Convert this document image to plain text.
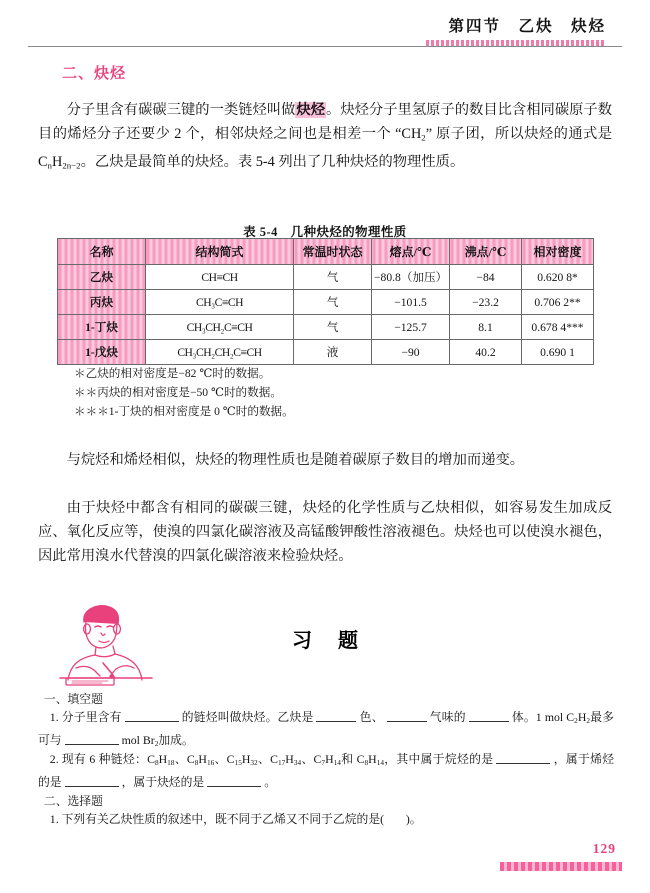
第四节　乙炔　炔烃
二、炔烃

分子里含有碳碳三键的一类链烃叫做炔烃。炔烃分子里氢原子的数目比含相同碳原子数目的烯烃分子还要少 2 个，相邻炔烃之间也是相差一个 “$CH_2$” 原子团，所以炔烃的通式是 $C_nH_{2n-2}$。乙炔是最简单的炔烃。表 5-4 列出了几种炔烃的物理性质。

表 5-4　几种炔烃的物理性质
名称	结构简式	常温时状态	熔点/℃	沸点/℃	相对密度
乙炔	CH≡CH	气	−80.8（加压）	−84	0.620 8*
丙炔	CH₃C≡CH	气	−101.5	−23.2	0.706 2**
1-丁炔	CH₃CH₂C≡CH	气	−125.7	8.1	0.678 4***
1-戊炔	CH₃CH₂CH₂C≡CH	液	−90	40.2	0.690 1
＊乙炔的相对密度是−82 ℃时的数据。
＊＊丙炔的相对密度是−50 ℃时的数据。
＊＊＊1-丁炔的相对密度是 0 ℃时的数据。

与烷烃和烯烃相似，炔烃的物理性质也是随着碳原子数目的增加而递变。

由于炔烃中都含有相同的碳碳三键，炔烃的化学性质与乙炔相似，如容易发生加成反应、氧化反应等，使溴的四氯化碳溶液及高锰酸钾酸性溶液褪色。炔烃也可以使溴水褪色，因此常用溴水代替溴的四氯化碳溶液来检验炔烃。

习题
一、填空题
1. 分子里含有	的链烃叫做炔烃。乙炔是	色、	气味的	体。1 mol $C_2H_2$最多可与	mol $Br_2$加成。
2. 现有 6 种链烃：$C_8H_{18}$、$C_8H_{16}$、$C_{15}H_{32}$、$C_{17}H_{34}$、$C_7H_{14}$和 $C_8H_{14}$，其中属于烷烃的是	，属于烯烃的是	，属于炔烃的是	。
二、选择题
1. 下列有关乙炔性质的叙述中，既不同于乙烯又不同于乙烷的是(　 )。
129
